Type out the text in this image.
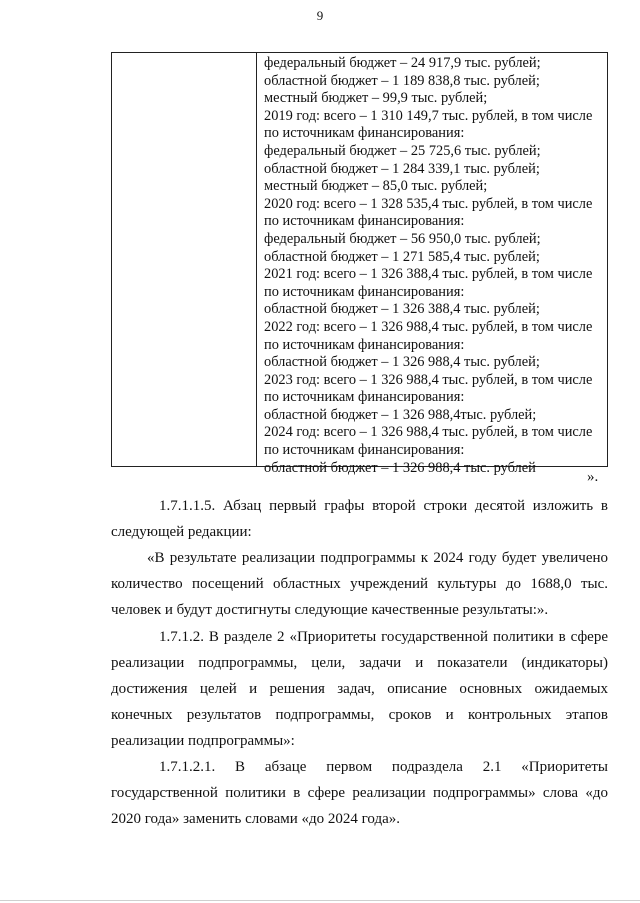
9
федеральный бюджет – 24 917,9 тыс. рублей;
областной бюджет – 1 189 838,8 тыс. рублей;
местный бюджет – 99,9 тыс. рублей;
2019 год: всего – 1 310 149,7 тыс. рублей, в том числе
по источникам финансирования:
федеральный бюджет – 25 725,6 тыс. рублей;
областной бюджет – 1 284 339,1 тыс. рублей;
местный бюджет – 85,0 тыс. рублей;
2020 год: всего – 1 328 535,4 тыс. рублей, в том числе
по источникам финансирования:
федеральный бюджет – 56 950,0 тыс. рублей;
областной бюджет – 1 271 585,4 тыс. рублей;
2021 год: всего – 1 326 388,4 тыс. рублей, в том числе
по источникам финансирования:
областной бюджет – 1 326 388,4 тыс. рублей;
2022 год: всего – 1 326 988,4 тыс. рублей, в том числе
по источникам финансирования:
областной бюджет – 1 326 988,4 тыс. рублей;
2023 год: всего – 1 326 988,4 тыс. рублей, в том числе
по источникам финансирования:
областной бюджет – 1 326 988,4тыс. рублей;
2024 год: всего – 1 326 988,4 тыс. рублей, в том числе
по источникам финансирования:
областной бюджет – 1 326 988,4 тыс. рублей
».
1.7.1.1.5. Абзац первый графы второй строки десятой изложить в
следующей редакции:
«В результате реализации подпрограммы к 2024 году будет увеличено
количество посещений областных учреждений культуры до 1688,0 тыс.
человек и будут достигнуты следующие качественные результаты:».
1.7.1.2. В разделе 2 «Приоритеты государственной политики в сфере
реализации подпрограммы, цели, задачи и показатели (индикаторы)
достижения целей и решения задач, описание основных ожидаемых
конечных результатов подпрограммы, сроков и контрольных этапов
реализации подпрограммы»:
1.7.1.2.1. В абзаце первом подраздела 2.1 «Приоритеты
государственной политики в сфере реализации подпрограммы» слова «до
2020 года» заменить словами «до 2024 года».
